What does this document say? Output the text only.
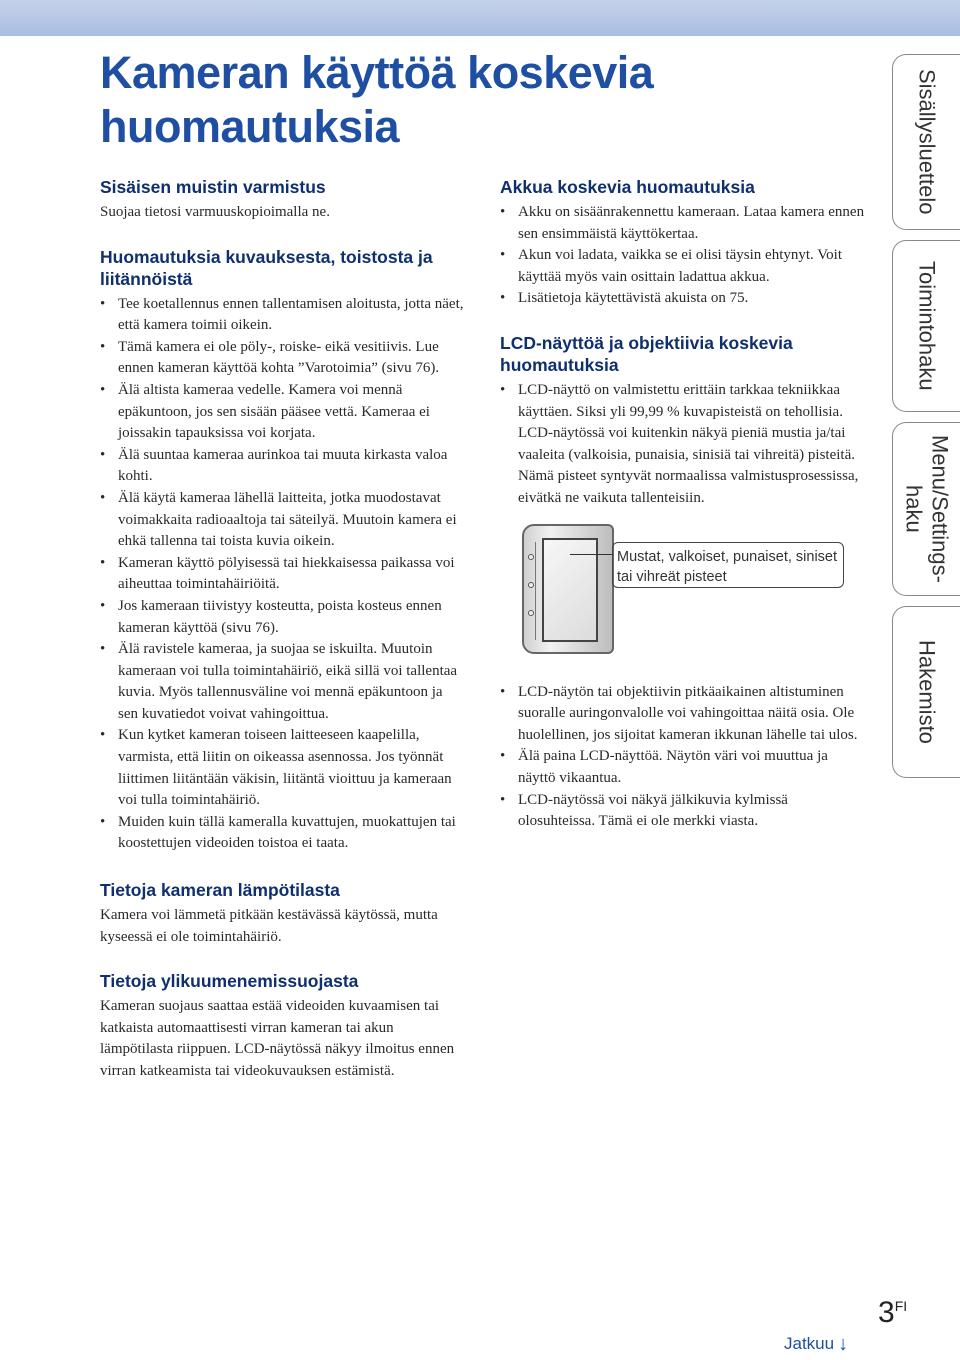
Kameran käyttöä koskevia huomautuksia
Sisäisen muistin varmistus

Suojaa tietosi varmuuskopioimalla ne.

Huomautuksia kuvauksesta, toistosta ja liitännöistä
• Tee koetallennus ennen tallentamisen aloitusta, jotta näet, että kamera toimii oikein.
• Tämä kamera ei ole pöly-, roiske- eikä vesitiivis. Lue ennen kameran käyttöä kohta ”Varotoimia” (sivu 76).
• Älä altista kameraa vedelle. Kamera voi mennä epäkuntoon, jos sen sisään pääsee vettä. Kameraa ei joissakin tapauksissa voi korjata.
• Älä suuntaa kameraa aurinkoa tai muuta kirkasta valoa kohti.
• Älä käytä kameraa lähellä laitteita, jotka muodostavat voimakkaita radioaaltoja tai säteilyä. Muutoin kamera ei ehkä tallenna tai toista kuvia oikein.
• Kameran käyttö pölyisessä tai hiekkaisessa paikassa voi aiheuttaa toimintahäiriöitä.
• Jos kameraan tiivistyy kosteutta, poista kosteus ennen kameran käyttöä (sivu 76).
• Älä ravistele kameraa, ja suojaa se iskuilta. Muutoin kameraan voi tulla toimintahäiriö, eikä sillä voi tallentaa kuvia. Myös tallennusväline voi mennä epäkuntoon ja sen kuvatiedot voivat vahingoittua.
• Kun kytket kameran toiseen laitteeseen kaapelilla, varmista, että liitin on oikeassa asennossa. Jos työnnät liittimen liitäntään väkisin, liitäntä vioittuu ja kameraan voi tulla toimintahäiriö.
• Muiden kuin tällä kameralla kuvattujen, muokattujen tai koostettujen videoiden toistoa ei taata.
Tietoja kameran lämpötilasta

Kamera voi lämmetä pitkään kestävässä käytössä, mutta kyseessä ei ole toimintahäiriö.

Tietoja ylikuumenemissuojasta

Kameran suojaus saattaa estää videoiden kuvaamisen tai katkaista automaattisesti virran kameran tai akun lämpötilasta riippuen. LCD-näytössä näkyy ilmoitus ennen virran katkeamista tai videokuvauksen estämistä.

Akkua koskevia huomautuksia
• Akku on sisäänrakennettu kameraan. Lataa kamera ennen sen ensimmäistä käyttökertaa.
• Akun voi ladata, vaikka se ei olisi täysin ehtynyt. Voit käyttää myös vain osittain ladattua akkua.
• Lisätietoja käytettävistä akuista on 75.
LCD-näyttöä ja objektiivia koskevia huomautuksia
• LCD-näyttö on valmistettu erittäin tarkkaa tekniikkaa käyttäen. Siksi yli 99,99 % kuvapisteistä on tehollisia. LCD-näytössä voi kuitenkin näkyä pieniä mustia ja/tai vaaleita (valkoisia, punaisia, sinisiä tai vihreitä) pisteitä. Nämä pisteet syntyvät normaalissa valmistusprosessissa, eivätkä ne vaikuta tallenteisiin.
Mustat, valkoiset, punaiset, siniset tai vihreät pisteet
• LCD-näytön tai objektiivin pitkäaikainen altistuminen suoralle auringonvalolle voi vahingoittaa näitä osia. Ole huolellinen, jos sijoitat kameran ikkunan lähelle tai ulos.
• Älä paina LCD-näyttöä. Näytön väri voi muuttua ja näyttö vikaantua.
• LCD-näytössä voi näkyä jälkikuvia kylmissä olosuhteissa. Tämä ei ole merkki viasta.
Sisällysluettelo
Toimintohaku
Menu/Settings-
haku
Hakemisto
$3^{FI}$
Jatkuu ↓
